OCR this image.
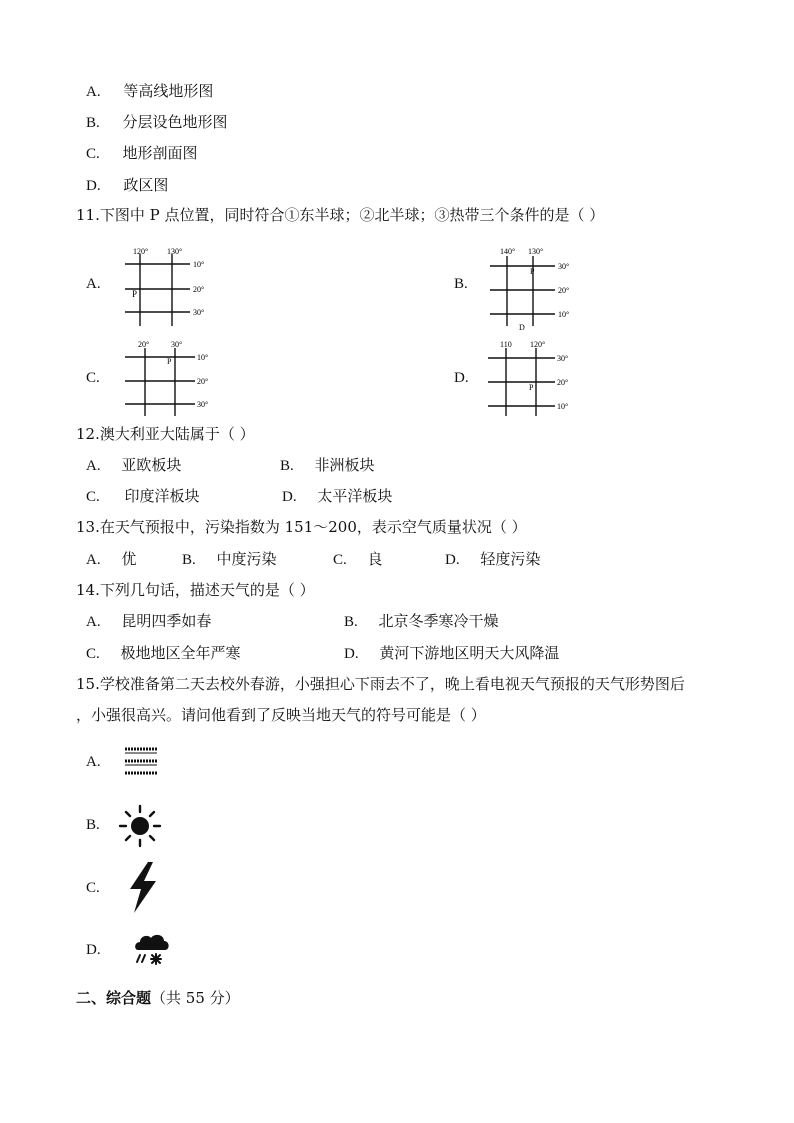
A. 等高线地形图
B. 分层设色地形图
C. 地形剖面图
D. 政区图
11.下图中 P 点位置，同时符合①东半球；②北半球；③热带三个条件的是（ ）
A.
120° 130°
10°
20°
30°
P
B.
140° 130°
30°
20°
10°
P
D
C.
20°	30°
10°
20°
30°
P
D.
110 120°
30°
20°
10°
P
12.澳大利亚大陆属于（ ）
A. 亚欧板块	B. 非洲板块
C. 印度洋板块	D. 太平洋板块
13.在天气预报中，污染指数为 151～200，表示空气质量状况（ ）
A. 优	B. 中度污染	C. 良	D. 轻度污染
14.下列几句话，描述天气的是（ ）
A. 昆明四季如春	B. 北京冬季寒冷干燥
C. 极地地区全年严寒	D. 黄河下游地区明天大风降温
15.学校准备第二天去校外春游，小强担心下雨去不了，晚上看电视天气预报的天气形势图后
，小强很高兴。请问他看到了反映当地天气的符号可能是（ ）
A.
B.
C.
D.
二、综合题（共 55 分）
